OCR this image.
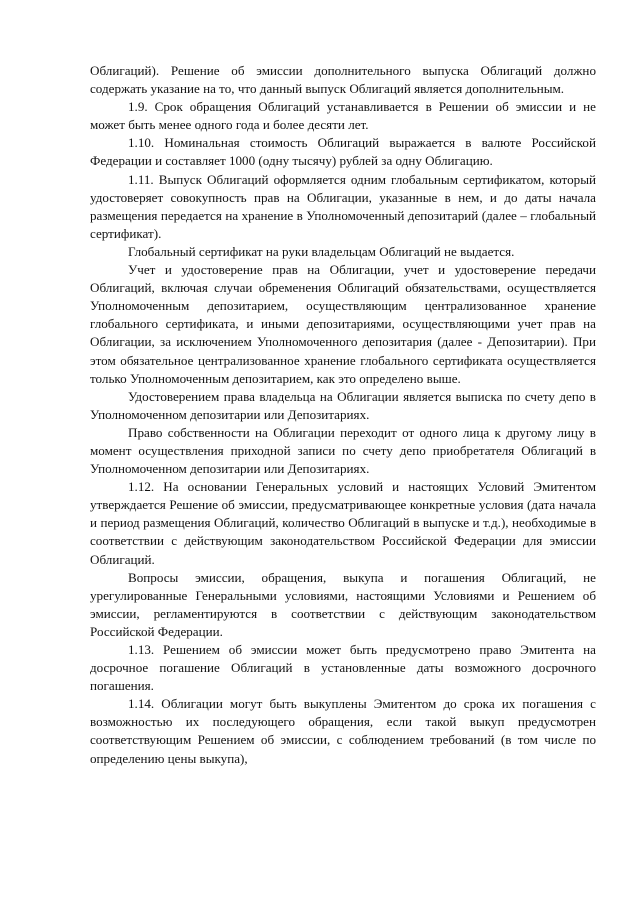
Облигаций). Решение об эмиссии дополнительного выпуска Облигаций должно содержать указание на то, что данный выпуск Облигаций является дополнительным.

1.9. Срок обращения Облигаций устанавливается в Решении об эмиссии и не может быть менее одного года и более десяти лет.

1.10. Номинальная стоимость Облигаций выражается в валюте Российской Федерации и составляет 1000 (одну тысячу) рублей за одну Облигацию.

1.11. Выпуск Облигаций оформляется одним глобальным сертификатом, который удостоверяет совокупность прав на Облигации, указанные в нем, и до даты начала размещения передается на хранение в Уполномоченный депозитарий (далее – глобальный сертификат).

Глобальный сертификат на руки владельцам Облигаций не выдается.

Учет и удостоверение прав на Облигации, учет и удостоверение передачи Облигаций, включая случаи обременения Облигаций обязательствами, осуществляется Уполномоченным депозитарием, осуществляющим централизованное хранение глобального сертификата, и иными депозитариями, осуществляющими учет прав на Облигации, за исключением Уполномоченного депозитария (далее - Депозитарии). При этом обязательное централизованное хранение глобального сертификата осуществляется только Уполномоченным депозитарием, как это определено выше.

Удостоверением права владельца на Облигации является выписка по счету депо в Уполномоченном депозитарии или Депозитариях.

Право собственности на Облигации переходит от одного лица к другому лицу в момент осуществления приходной записи по счету депо приобретателя Облигаций в Уполномоченном депозитарии или Депозитариях.

1.12. На основании Генеральных условий и настоящих Условий Эмитентом утверждается Решение об эмиссии, предусматривающее конкретные условия (дата начала и период размещения Облигаций, количество Облигаций в выпуске и т.д.), необходимые в соответствии с действующим законодательством Российской Федерации для эмиссии Облигаций.

Вопросы эмиссии, обращения, выкупа и погашения Облигаций, не урегулированные Генеральными условиями, настоящими Условиями и Решением об эмиссии, регламентируются в соответствии с действующим законодательством Российской Федерации.

1.13. Решением об эмиссии может быть предусмотрено право Эмитента на досрочное погашение Облигаций в установленные даты возможного досрочного погашения.

1.14. Облигации могут быть выкуплены Эмитентом до срока их погашения с возможностью их последующего обращения, если такой выкуп предусмотрен соответствующим Решением об эмиссии, с соблюдением требований (в том числе по определению цены выкупа),
